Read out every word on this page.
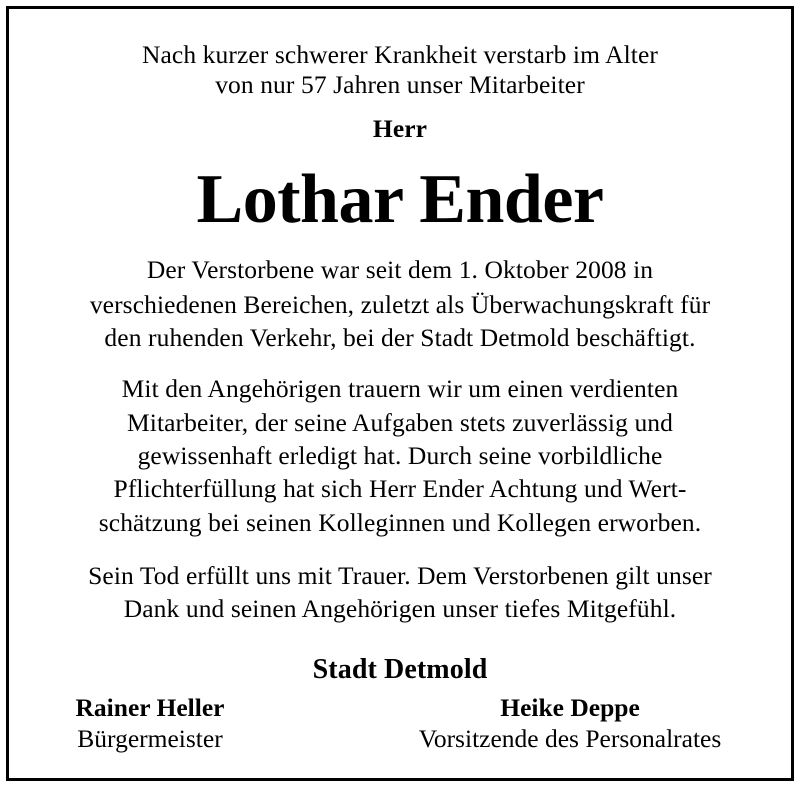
Nach kurzer schwerer Krankheit verstarb im Alter
von nur 57 Jahren unser Mitarbeiter
Herr
Lothar Ender
Der Verstorbene war seit dem 1. Oktober 2008 in
verschiedenen Bereichen, zuletzt als Überwachungskraft für
den ruhenden Verkehr, bei der Stadt Detmold beschäftigt.
Mit den Angehörigen trauern wir um einen verdienten
Mitarbeiter, der seine Aufgaben stets zuverlässig und
gewissenhaft erledigt hat. Durch seine vorbildliche
Pflichterfüllung hat sich Herr Ender Achtung und Wert-
schätzung bei seinen Kolleginnen und Kollegen erworben.
Sein Tod erfüllt uns mit Trauer. Dem Verstorbenen gilt unser
Dank und seinen Angehörigen unser tiefes Mitgefühl.
Stadt Detmold
Rainer Heller
Bürgermeister
Heike Deppe
Vorsitzende des Personalrates
